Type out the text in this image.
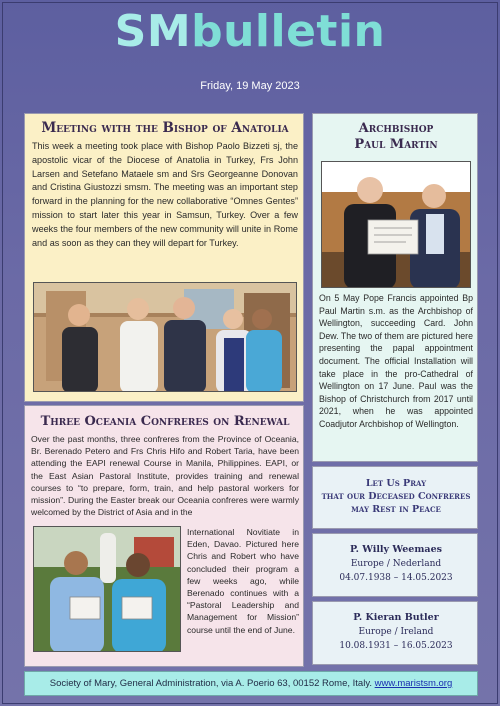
SMbulletin
Friday, 19 May 2023
Meeting with the Bishop of Anatolia

This week a meeting took place with Bishop Paolo Bizzeti sj, the apostolic vicar of the Diocese of Anatolia in Turkey, Frs John Larsen and Setefano Mataele sm and Srs Georgeanne Donovan and Cristina Giustozzi smsm. The meeting was an important step forward in the planning for the new collaborative “Omnes Gentes” mission to start later this year in Samsun, Turkey. Over a few weeks the four members of the new community will unite in Rome and as soon as they can they will depart for Turkey.

Archbishop
Paul Martin

On 5 May Pope Francis appointed Bp Paul Martin s.m. as the Archbishop of Wellington, succeeding Card. John Dew. The two of them are pictured here presenting the papal appointment document. The official Installation will take place in the pro-Cathedral of Wellington on 17 June. Paul was the Bishop of Christchurch from 2017 until 2021, when he was appointed Coadjutor Archbishop of Wellington.

Three Oceania Confreres on Renewal

Over the past months, three confreres from the Province of Oceania, Br. Berenado Petero and Frs Chris Hifo and Robert Taria, have been attending the EAPI renewal Course in Manila, Philippines. EAPI, or the East Asian Pastoral Institute, provides training and renewal courses to “to prepare, form, train, and help pastoral workers for mission”. During the Easter break our Oceania confreres were warmly welcomed by the District of Asia and in the

International Novitiate in Eden, Davao. Pictured here Chris and Robert who have concluded their program a few weeks ago, while Berenado continues with a “Pastoral Leadership and Management for Mission” course until the end of June.

Let Us Pray
that our Deceased Confreres
may Rest in Peace
P. Willy Weemaes
Europe / Nederland
04.07.1938 – 14.05.2023
P. Kieran Butler
Europe / Ireland
10.08.1931 – 16.05.2023
Society of Mary, General Administration, via A. Poerio 63, 00152 Rome, Italy. www.maristsm.org
